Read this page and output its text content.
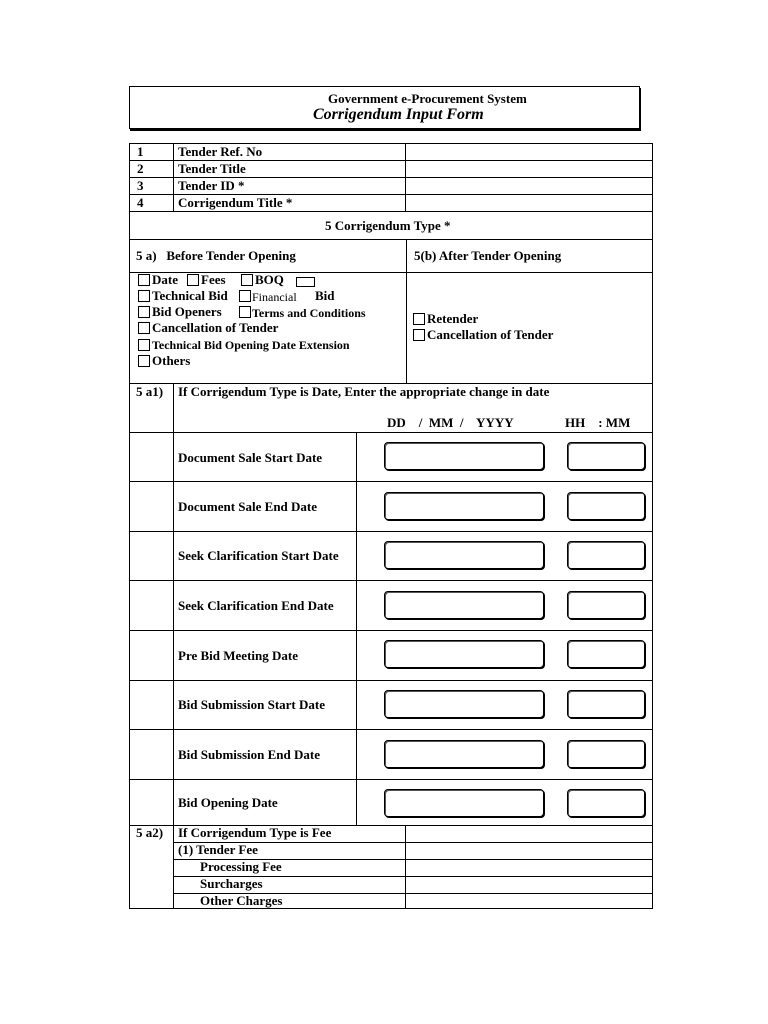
Government e-Procurement System
Corrigendum Input Form
1	Tender Ref. No
2	Tender Title
3	Tender ID *
4	Corrigendum Title *
5 Corrigendum Type *
5 a)   Before Tender Opening	5(b) After Tender Opening
Date Fees BOQ
Technical Bid Financial Bid
Bid Openers	Terms and Conditions
Cancellation of Tender
Technical Bid Opening Date Extension
Others
Retender
Cancellation of Tender
5 a1) If Corrigendum Type is Date, Enter the appropriate change in date
DD    /  MM  /    YYYY	HH    : MM
Document Sale Start Date
Document Sale End Date
Seek Clarification Start Date
Seek Clarification End Date
Pre Bid Meeting Date
Bid Submission Start Date
Bid Submission End Date
Bid Opening Date
5 a2) If Corrigendum Type is Fee
(1) Tender Fee
Processing Fee
Surcharges
Other Charges
